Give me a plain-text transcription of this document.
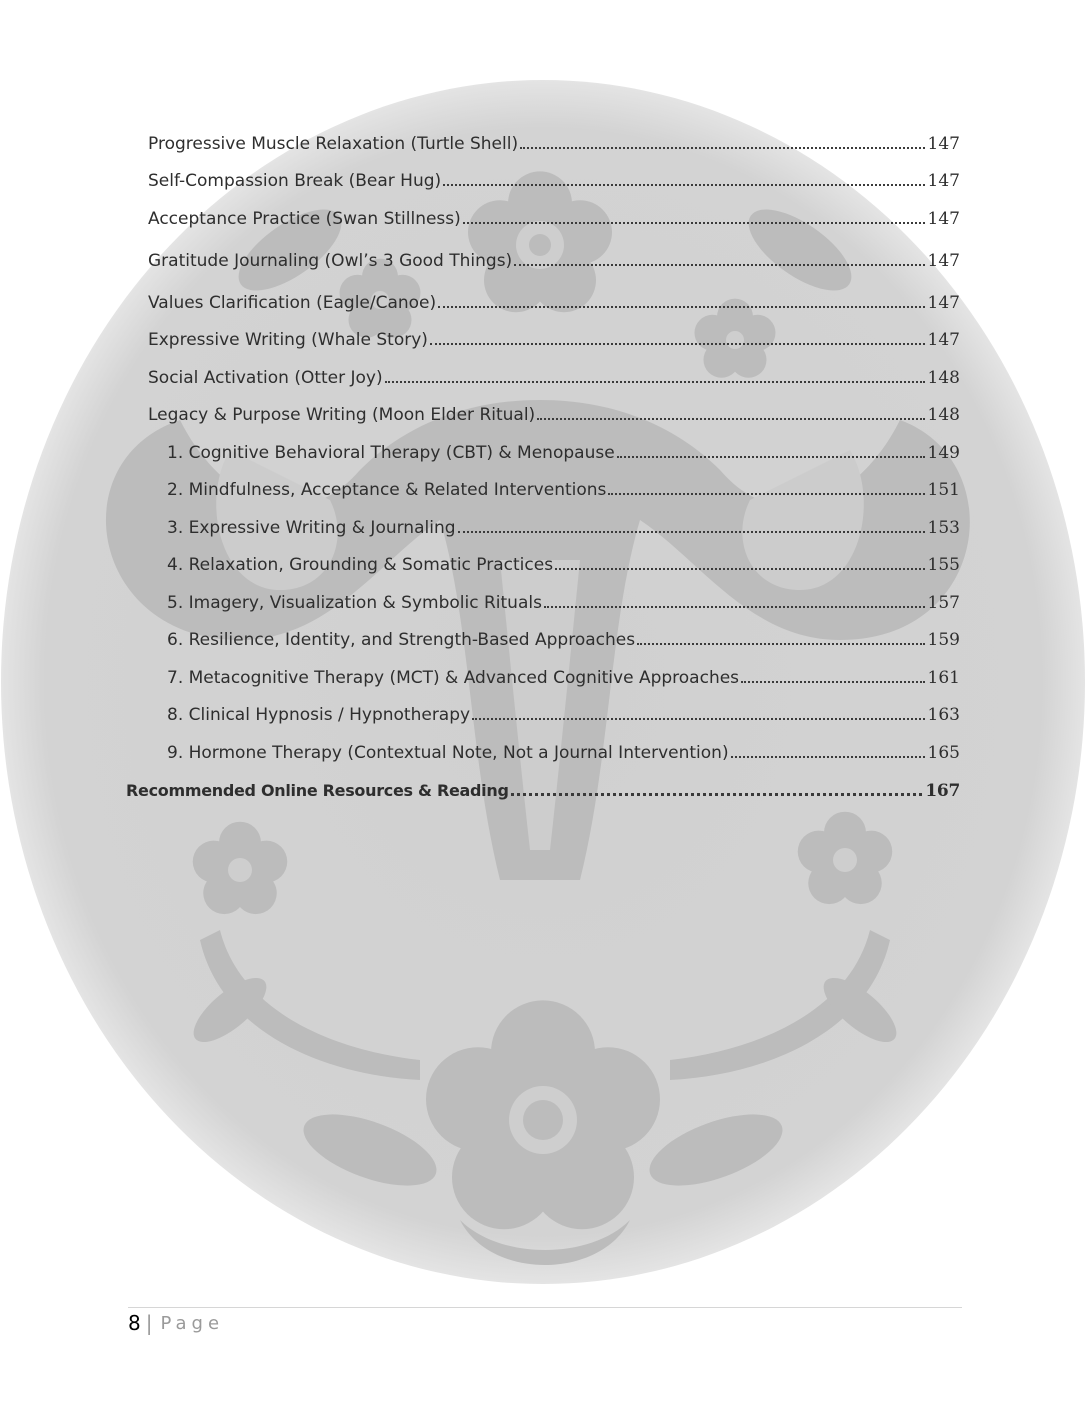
Progressive Muscle Relaxation (Turtle Shell)	147
Self-Compassion Break (Bear Hug)	147
Acceptance Practice (Swan Stillness)	147
Gratitude Journaling (Owl’s 3 Good Things)	147
Values Clarification (Eagle/Canoe)	147
Expressive Writing (Whale Story)	147
Social Activation (Otter Joy)	148
Legacy & Purpose Writing (Moon Elder Ritual)	148
1. Cognitive Behavioral Therapy (CBT) & Menopause	149
2. Mindfulness, Acceptance & Related Interventions	151
3. Expressive Writing & Journaling	153
4. Relaxation, Grounding & Somatic Practices	155
5. Imagery, Visualization & Symbolic Rituals	157
6. Resilience, Identity, and Strength-Based Approaches	159
7. Metacognitive Therapy (MCT) & Advanced Cognitive Approaches	161
8. Clinical Hypnosis / Hypnotherapy	163
9. Hormone Therapy (Contextual Note, Not a Journal Intervention)	165
Recommended Online Resources & Reading	167
8 | Page
